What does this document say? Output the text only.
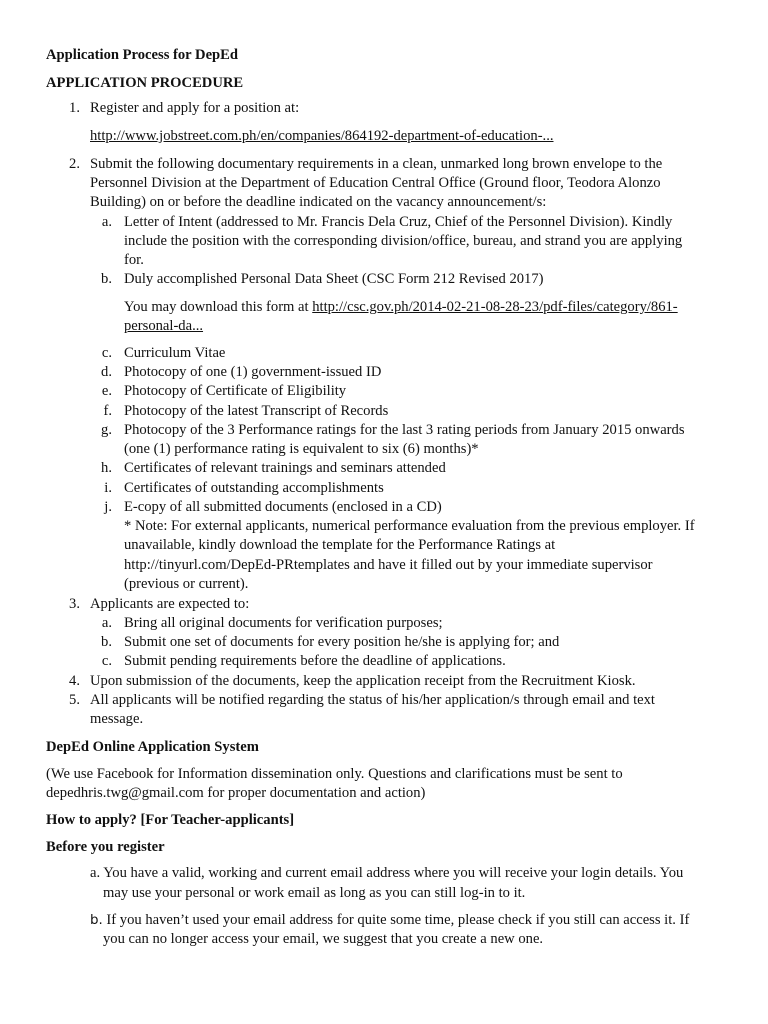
Application Process for DepEd
APPLICATION PROCEDURE
1. Register and apply for a position at:
http://www.jobstreet.com.ph/en/companies/864192-department-of-education-...
2. Submit the following documentary requirements in a clean, unmarked long brown envelope to the
Personnel Division at the Department of Education Central Office (Ground floor, Teodora Alonzo
Building) on or before the deadline indicated on the vacancy announcement/s:
a. Letter of Intent (addressed to Mr. Francis Dela Cruz, Chief of the Personnel Division). Kindly
include the position with the corresponding division/office, bureau, and strand you are applying
for.
b. Duly accomplished Personal Data Sheet (CSC Form 212 Revised 2017)
You may download this form at http://csc.gov.ph/2014-02-21-08-28-23/pdf-files/category/861-
personal-da...
c. Curriculum Vitae
d. Photocopy of one (1) government-issued ID
e. Photocopy of Certificate of Eligibility
f. Photocopy of the latest Transcript of Records
g. Photocopy of the 3 Performance ratings for the last 3 rating periods from January 2015 onwards
(one (1) performance rating is equivalent to six (6) months)*
h. Certificates of relevant trainings and seminars attended
i. Certificates of outstanding accomplishments
j. E-copy of all submitted documents (enclosed in a CD)
* Note: For external applicants, numerical performance evaluation from the previous employer. If
unavailable, kindly download the template for the Performance Ratings at
http://tinyurl.com/DepEd-PRtemplates and have it filled out by your immediate supervisor
(previous or current).
3. Applicants are expected to:
a. Bring all original documents for verification purposes;
b. Submit one set of documents for every position he/she is applying for; and
c. Submit pending requirements before the deadline of applications.
4. Upon submission of the documents, keep the application receipt from the Recruitment Kiosk.
5. All applicants will be notified regarding the status of his/her application/s through email and text
message.
DepEd Online Application System
(We use Facebook for Information dissemination only. Questions and clarifications must be sent to
depedhris.twg@gmail.com for proper documentation and action)
How to apply? [For Teacher-applicants]
Before you register
a. You have a valid, working and current email address where you will receive your login details. You
may use your personal or work email as long as you can still log-in to it.
b. If you haven’t used your email address for quite some time, please check if you still can access it. If
you can no longer access your email, we suggest that you create a new one.
